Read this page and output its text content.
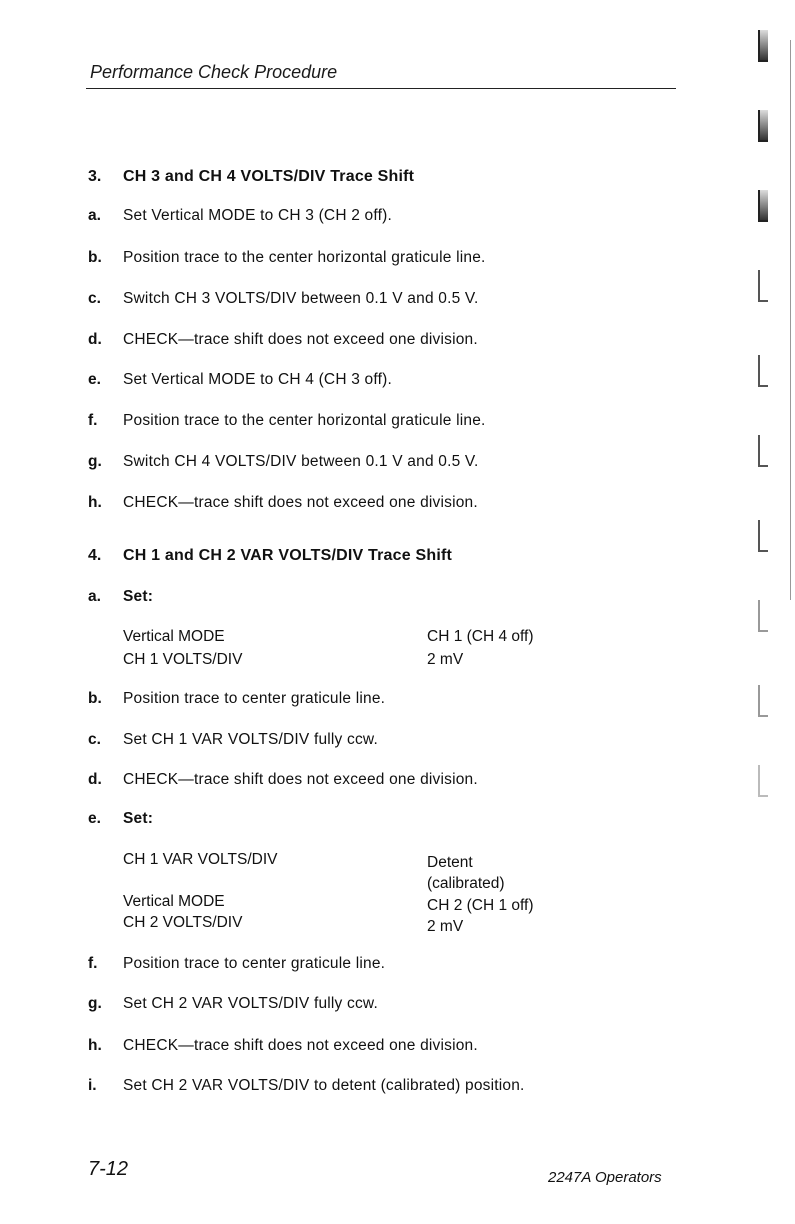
Performance Check Procedure
3. CH 3 and CH 4 VOLTS/DIV Trace Shift
a. Set Vertical MODE to CH 3 (CH 2 off).
b. Position trace to the center horizontal graticule line.
c. Switch CH 3 VOLTS/DIV between 0.1 V and 0.5 V.
d. CHECK—trace shift does not exceed one division.
e. Set Vertical MODE to CH 4 (CH 3 off).
f. Position trace to the center horizontal graticule line.
g. Switch CH 4 VOLTS/DIV between 0.1 V and 0.5 V.
h. CHECK—trace shift does not exceed one division.
4. CH 1 and CH 2 VAR VOLTS/DIV Trace Shift
a. Set:
Vertical MODE	CH 1 (CH 4 off)
CH 1 VOLTS/DIV	2 mV
b. Position trace to center graticule line.
c. Set CH 1 VAR VOLTS/DIV fully ccw.
d. CHECK—trace shift does not exceed one division.
e. Set:
CH 1 VAR VOLTS/DIV	Detent
(calibrated)
Vertical MODE	CH 2 (CH 1 off)
CH 2 VOLTS/DIV	2 mV
f. Position trace to center graticule line.
g. Set CH 2 VAR VOLTS/DIV fully ccw.
h. CHECK—trace shift does not exceed one division.
i. Set CH 2 VAR VOLTS/DIV to detent (calibrated) position.
7-12	2247A Operators
